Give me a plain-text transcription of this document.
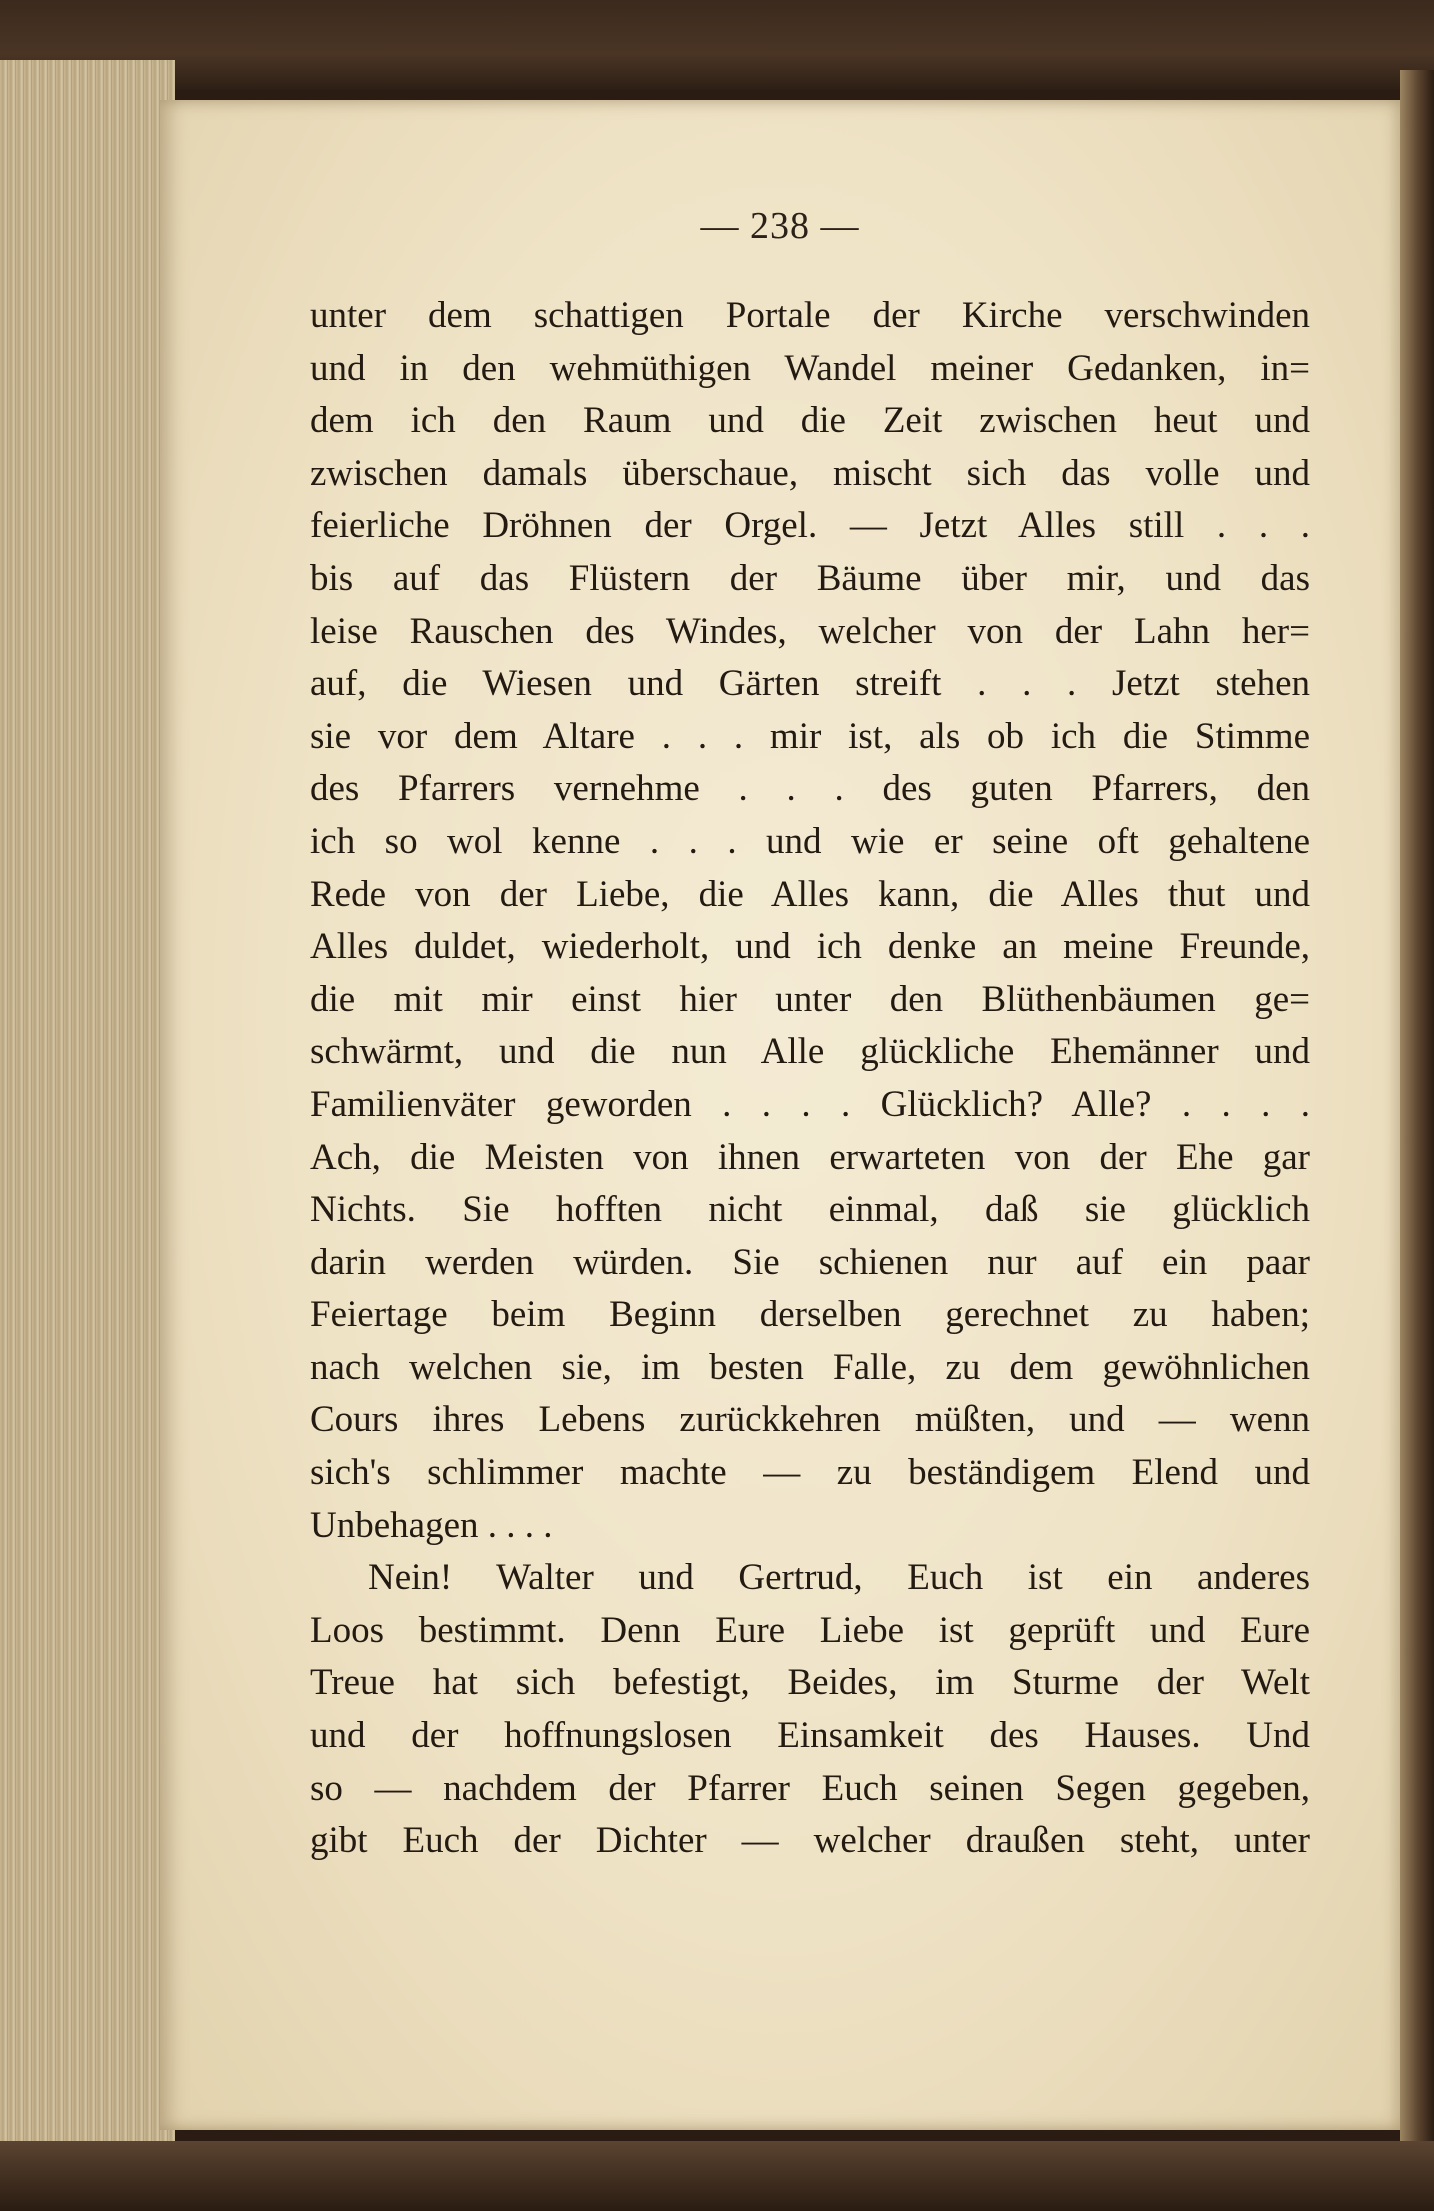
— 238 —
unter dem schattigen Portale der Kirche verschwinden
und in den wehmüthigen Wandel meiner Gedanken, in=
dem ich den Raum und die Zeit zwischen heut und
zwischen damals überschaue, mischt sich das volle und
feierliche Dröhnen der Orgel. — Jetzt Alles still . . .
bis auf das Flüstern der Bäume über mir, und das
leise Rauschen des Windes, welcher von der Lahn her=
auf, die Wiesen und Gärten streift . . . Jetzt stehen
sie vor dem Altare . . . mir ist, als ob ich die Stimme
des Pfarrers vernehme . . . des guten Pfarrers, den
ich so wol kenne . . . und wie er seine oft gehaltene
Rede von der Liebe, die Alles kann, die Alles thut und
Alles duldet, wiederholt, und ich denke an meine Freunde,
die mit mir einst hier unter den Blüthenbäumen ge=
schwärmt, und die nun Alle glückliche Ehemänner und
Familienväter geworden . . . . Glücklich? Alle? . . . .
Ach, die Meisten von ihnen erwarteten von der Ehe gar
Nichts. Sie hofften nicht einmal, daß sie glücklich
darin werden würden. Sie schienen nur auf ein paar
Feiertage beim Beginn derselben gerechnet zu haben;
nach welchen sie, im besten Falle, zu dem gewöhnlichen
Cours ihres Lebens zurückkehren müßten, und — wenn
sich's schlimmer machte — zu beständigem Elend und
Unbehagen . . . .
Nein! Walter und Gertrud, Euch ist ein anderes
Loos bestimmt. Denn Eure Liebe ist geprüft und Eure
Treue hat sich befestigt, Beides, im Sturme der Welt
und der hoffnungslosen Einsamkeit des Hauses. Und
so — nachdem der Pfarrer Euch seinen Segen gegeben,
gibt Euch der Dichter — welcher draußen steht, unter
